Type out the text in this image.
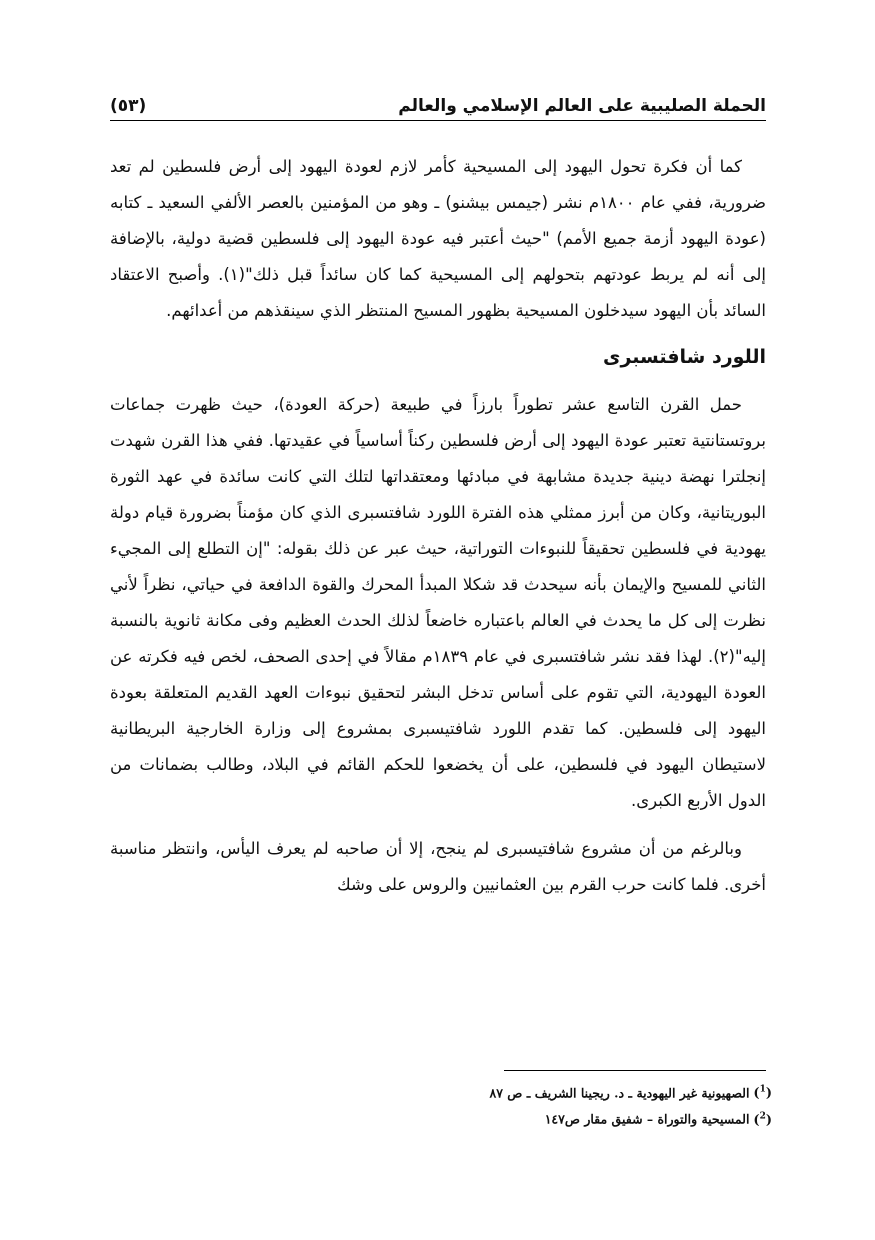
الحملة الصليبية على العالم الإسلامي والعالم
(٥٣)

كما أن فكرة تحول اليهود إلى المسيحية كأمر لازم لعودة اليهود إلى أرض فلسطين لم تعد ضرورية، ففي عام ١٨٠٠م نشر (جيمس بيشنو) ـ وهو من المؤمنين بالعصر الألفي السعيد ـ كتابه (عودة اليهود أزمة جميع الأمم) "حيث أعتبر فيه عودة اليهود إلى فلسطين قضية دولية، بالإضافة إلى أنه لم يربط عودتهم بتحولهم إلى المسيحية كما كان سائداً قبل ذلك"(١). وأصبح الاعتقاد السائد بأن اليهود سيدخلون المسيحية بظهور المسيح المنتظر الذي سينقذهم من أعدائهم.

اللورد شافتسبرى

حمل القرن التاسع عشر تطوراً بارزاً في طبيعة (حركة العودة)، حيث ظهرت جماعات بروتستانتية تعتبر عودة اليهود إلى أرض فلسطين ركناً أساسياً في عقيدتها. ففي هذا القرن شهدت إنجلترا نهضة دينية جديدة مشابهة في مبادئها ومعتقداتها لتلك التي كانت سائدة في عهد الثورة البوريتانية، وكان من أبرز ممثلي هذه الفترة اللورد شافتسبرى الذي كان مؤمناً بضرورة قيام دولة يهودية في فلسطين تحقيقاً للنبوءات التوراتية، حيث عبر عن ذلك بقوله: "إن التطلع إلى المجيء الثاني للمسيح والإيمان بأنه سيحدث قد شكلا المبدأ المحرك والقوة الدافعة في حياتي، نظراً لأني نظرت إلى كل ما يحدث في العالم باعتباره خاضعاً لذلك الحدث العظيم وفى مكانة ثانوية بالنسبة إليه"(٢). لهذا فقد نشر شافتسبرى في عام ١٨٣٩م مقالاً في إحدى الصحف، لخص فيه فكرته عن العودة اليهودية، التي تقوم على أساس تدخل البشر لتحقيق نبوءات العهد القديم المتعلقة بعودة اليهود إلى فلسطين. كما تقدم اللورد شافتيسبرى بمشروع إلى وزارة الخارجية البريطانية لاستيطان اليهود في فلسطين، على أن يخضعوا للحكم القائم في البلاد، وطالب بضمانات من الدول الأربع الكبرى.

وبالرغم من أن مشروع شافتيسبرى لم ينجح، إلا أن صاحبه لم يعرف اليأس، وانتظر مناسبة أخرى. فلما كانت حرب القرم بين العثمانيين والروس على وشك

($^1$) الصهيونية غير اليهودية ـ د. ريجينا الشريف ـ ص ٨٧
($^2$) المسيحية والتوراة – شفيق مقار ص١٤٧
